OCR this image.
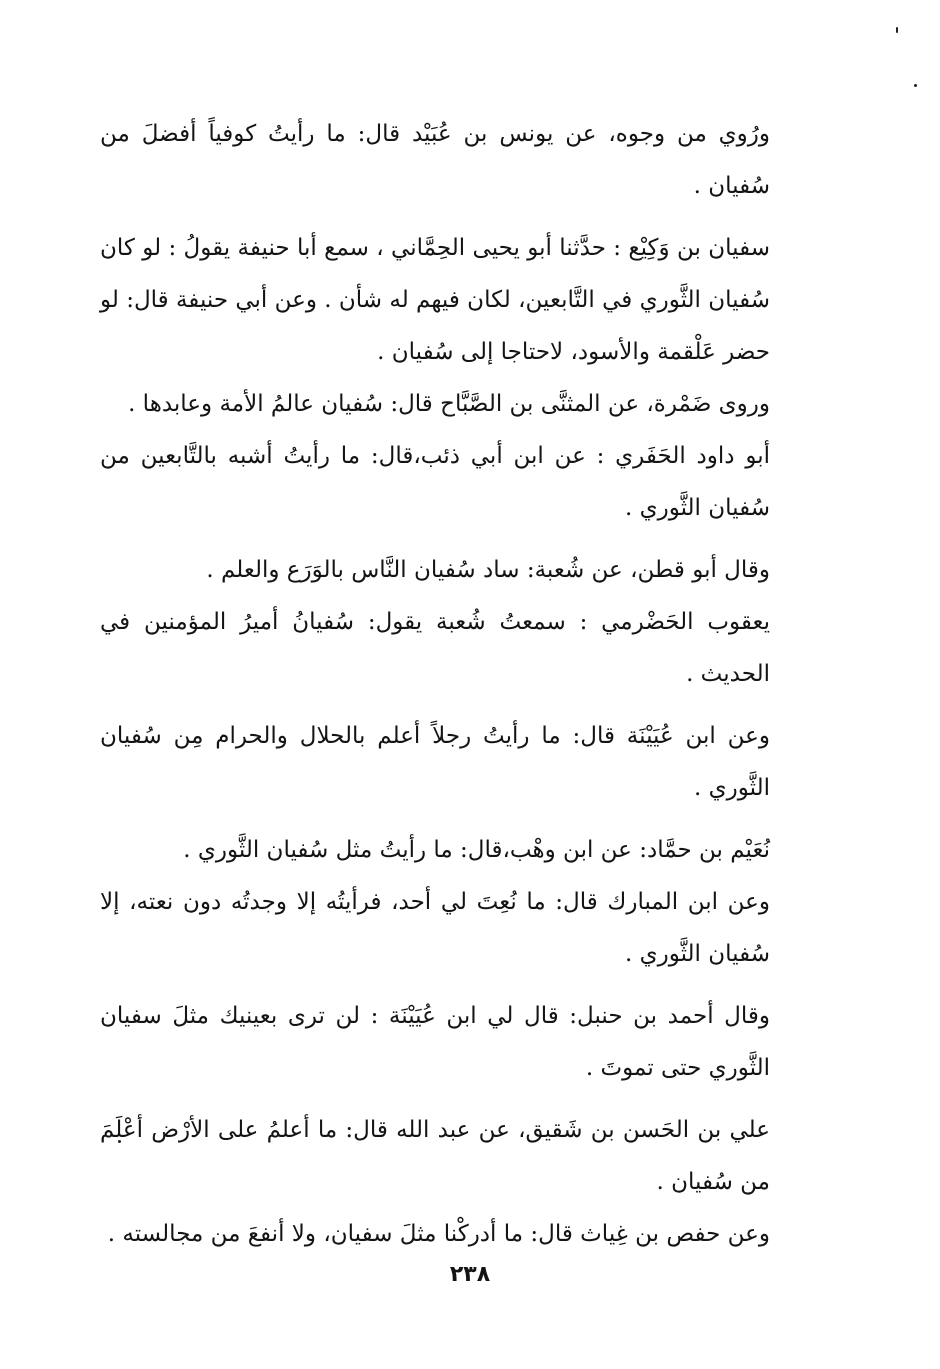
ورُوي من وجوه، عن يونس بن عُبَيْد قال: ما رأيتُ كوفياً أفضلَ من سُفيان .

سفيان بن وَكِيْع : حدَّثنا أبو يحيى الحِمَّاني ، سمع أبا حنيفة يقولُ : لو كان سُفيان الثَّوري في التَّابعين، لكان فيهم له شأن . وعن أبي حنيفة قال: لو حضر عَلْقمة والأسود، لاحتاجا إلى سُفيان .

وروى ضَمْرة، عن المثنَّى بن الصَّبَّاح قال: سُفيان عالمُ الأمة وعابدها .

أبو داود الحَفَري : عن ابن أبي ذئب،قال: ما رأيتُ أشبه بالتَّابعين من سُفيان الثَّوري .

وقال أبو قطن، عن شُعبة: ساد سُفيان النَّاس بالوَرَع والعلم .

يعقوب الحَضْرمي : سمعتُ شُعبة يقول: سُفيانُ أميرُ المؤمنين في الحديث .

وعن ابن عُيَيْنَة قال: ما رأيتُ رجلاً أعلم بالحلال والحرام مِن سُفيان الثَّوري .

نُعَيْم بن حمَّاد: عن ابن وهْب،قال: ما رأيتُ مثل سُفيان الثَّوري .

وعن ابن المبارك قال: ما نُعِتَ لي أحد، فرأيتُه إلا وجدتُه دون نعته، إلا سُفيان الثَّوري .

وقال أحمد بن حنبل: قال لي ابن عُيَيْنَة : لن ترى بعينيك مثلَ سفيان الثَّوري حتى تموتَ .

علي بن الحَسن بن شَقيق، عن عبد الله قال: ما أعلمُ على الأرْض أعْلَمَ من سُفيان .

وعن حفص بن غِياث قال: ما أدركْنا مثلَ سفيان، ولا أنفعَ من مجالسته .

٢٣٨
